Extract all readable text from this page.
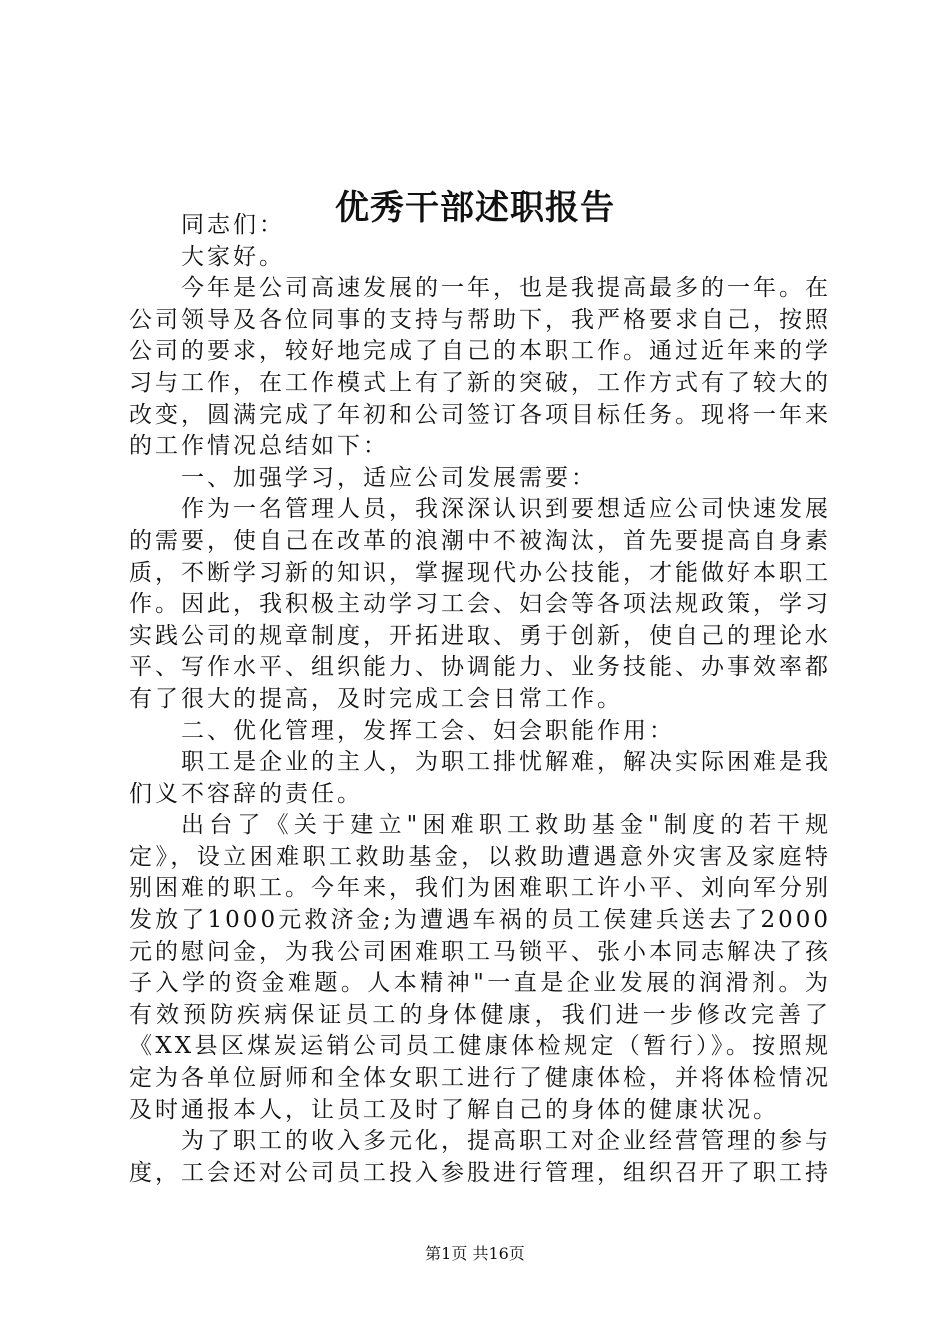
优秀干部述职报告

同志们：

大家好。

今年是公司高速发展的一年，也是我提高最多的一年。在公司领导及各位同事的支持与帮助下，我严格要求自己，按照公司的要求，较好地完成了自己的本职工作。通过近年来的学习与工作，在工作模式上有了新的突破，工作方式有了较大的改变，圆满完成了年初和公司签订各项目标任务。现将一年来的工作情况总结如下：

一、加强学习，适应公司发展需要：

作为一名管理人员，我深深认识到要想适应公司快速发展的需要，使自己在改革的浪潮中不被淘汰，首先要提高自身素质，不断学习新的知识，掌握现代办公技能，才能做好本职工作。因此，我积极主动学习工会、妇会等各项法规政策，学习实践公司的规章制度，开拓进取、勇于创新，使自己的理论水平、写作水平、组织能力、协调能力、业务技能、办事效率都有了很大的提高，及时完成工会日常工作。

二、优化管理，发挥工会、妇会职能作用：

职工是企业的主人，为职工排忧解难，解决实际困难是我们义不容辞的责任。

出台了《关于建立"困难职工救助基金"制度的若干规定》，设立困难职工救助基金，以救助遭遇意外灾害及家庭特别困难的职工。今年来，我们为困难职工许小平、刘向军分别发放了1000元救济金;为遭遇车祸的员工侯建兵送去了2000元的慰问金，为我公司困难职工马锁平、张小本同志解决了孩子入学的资金难题。人本精神"一直是企业发展的润滑剂。为有效预防疾病保证员工的身体健康，我们进一步修改完善了《XX县区煤炭运销公司员工健康体检规定（暂行）》。按照规定为各单位厨师和全体女职工进行了健康体检，并将体检情况及时通报本人，让员工及时了解自己的身体的健康状况。

为了职工的收入多元化，提高职工对企业经营管理的参与度，工会还对公司员工投入参股进行管理，组织召开了职工持

第1页 共16页
